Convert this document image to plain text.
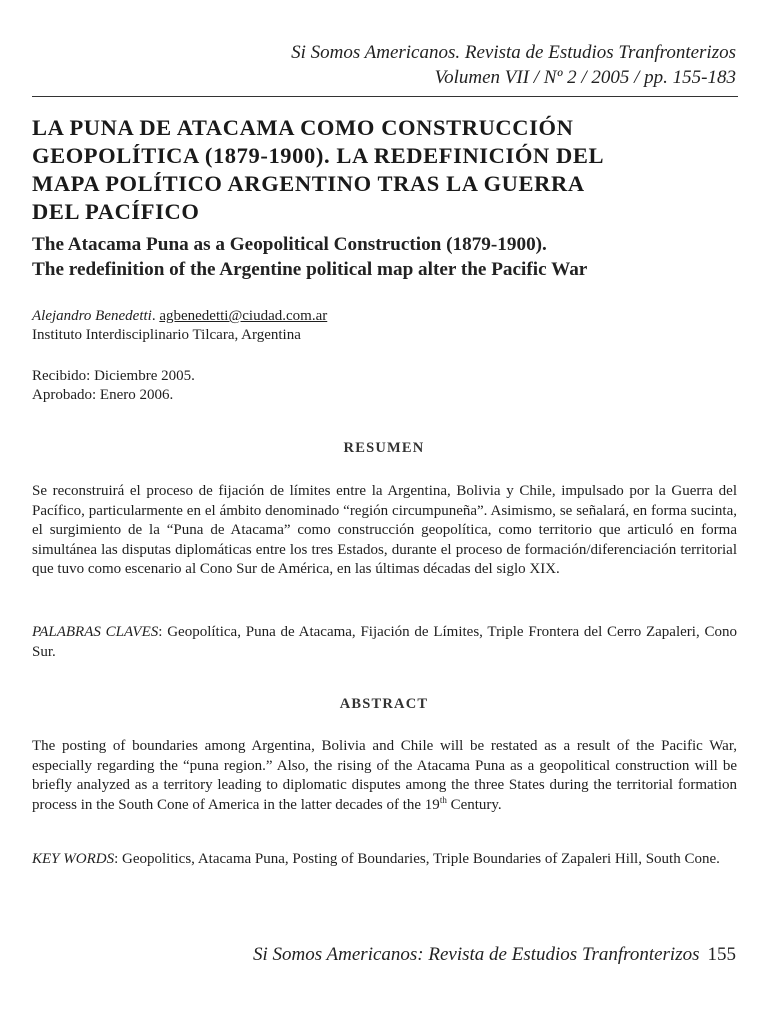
Si Somos Americanos. Revista de Estudios Tranfronterizos
Volumen VII / Nº 2 / 2005 / pp. 155-183
LA PUNA DE ATACAMA COMO CONSTRUCCIÓN
GEOPOLÍTICA (1879-1900). LA REDEFINICIÓN DEL
MAPA POLÍTICO ARGENTINO TRAS LA GUERRA
DEL PACÍFICO
The Atacama Puna as a Geopolitical Construction (1879-1900).
The redefinition of the Argentine political map alter the Pacific War
Alejandro Benedetti. agbenedetti@ciudad.com.ar
Instituto Interdisciplinario Tilcara, Argentina
Recibido: Diciembre 2005.
Aprobado: Enero 2006.
RESUMEN
Se reconstruirá el proceso de fijación de límites entre la Argentina, Bolivia y Chile, impulsado por la Guerra del Pacífico, particularmente en el ámbito denominado “región circumpuneña”. Asimismo, se señalará, en forma sucinta, el surgimiento de la “Puna de Atacama” como construcción geopolítica, como territorio que articuló en forma simultánea las disputas diplomáticas entre los tres Estados, durante el proceso de formación/diferenciación territorial que tuvo como escenario al Cono Sur de América, en las últimas décadas del siglo XIX.
PALABRAS CLAVES: Geopolítica, Puna de Atacama, Fijación de Límites, Triple Frontera del Cerro Zapaleri, Cono Sur.
ABSTRACT
The posting of boundaries among Argentina, Bolivia and Chile will be restated as a result of the Pacific War, especially regarding the “puna region.” Also, the rising of the Atacama Puna as a geopolitical construction will be briefly analyzed as a territory leading to diplomatic disputes among the three States during the territorial formation process in the South Cone of America in the latter decades of the 19th Century.
KEY WORDS: Geopolitics, Atacama Puna, Posting of Boundaries, Triple Boundaries of Zapaleri Hill, South Cone.
Si Somos Americanos: Revista de Estudios Tranfronterizos 155
